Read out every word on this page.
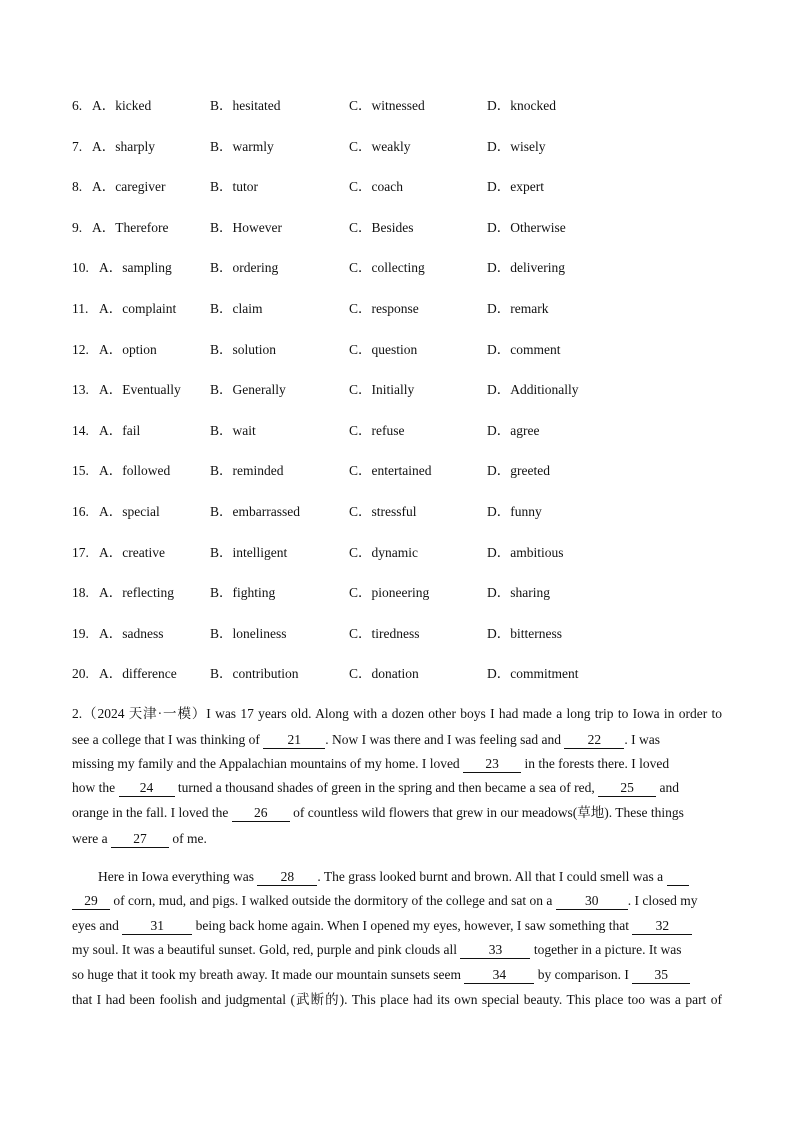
6. A．kicked	B．hesitated	C．witnessed	D．knocked
7. A．sharply	B．warmly	C．weakly	D．wisely
8. A．caregiver	B．tutor	C．coach	D．expert
9. A．Therefore	B．However	C．Besides	D．Otherwise
10. A．sampling	B．ordering	C．collecting	D．delivering
11. A．complaint	B．claim	C．response	D．remark
12. A．option	B．solution	C．question	D．comment
13. A．Eventually B．Generally	C．Initially	D．Additionally
14. A．fail	B．wait	C．refuse	D．agree
15. A．followed	B．reminded	C．entertained	D．greeted
16. A．special	B．embarrassed	C．stressful	D．funny
17. A．creative	B．intelligent	C．dynamic	D．ambitious
18. A．reflecting	B．fighting	C．pioneering	D．sharing
19. A．sadness	B．loneliness	C．tiredness	D．bitterness
20. A．difference B．contribution	C．donation	D．commitment
2.（2024 天津·一模）I was 17 years old. Along with a dozen other boys I had made a long trip to Iowa in order to
see a college that I was thinking of 21 . Now I was there and I was feeling sad and 22 . I was
missing my family and the Appalachian mountains of my home. I loved 23 in the forests there. I loved
how the 24 turned a thousand shades of green in the spring and then became a sea of red, 25 and
orange in the fall. I loved the 26 of countless wild flowers that grew in our meadows(草地). These things
were a 27 of me.
Here in Iowa everything was 28 . The grass looked burnt and brown. All that I could smell was a
29 of corn, mud, and pigs. I walked outside the dormitory of the college and sat on a 30 . I closed my
eyes and 31 being back home again. When I opened my eyes, however, I saw something that 32
my soul. It was a beautiful sunset. Gold, red, purple and pink clouds all 33 together in a picture. It was
so huge that it took my breath away. It made our mountain sunsets seem 34 by comparison. I 35
that I had been foolish and judgmental (武断的). This place had its own special beauty. This place too was a part of
